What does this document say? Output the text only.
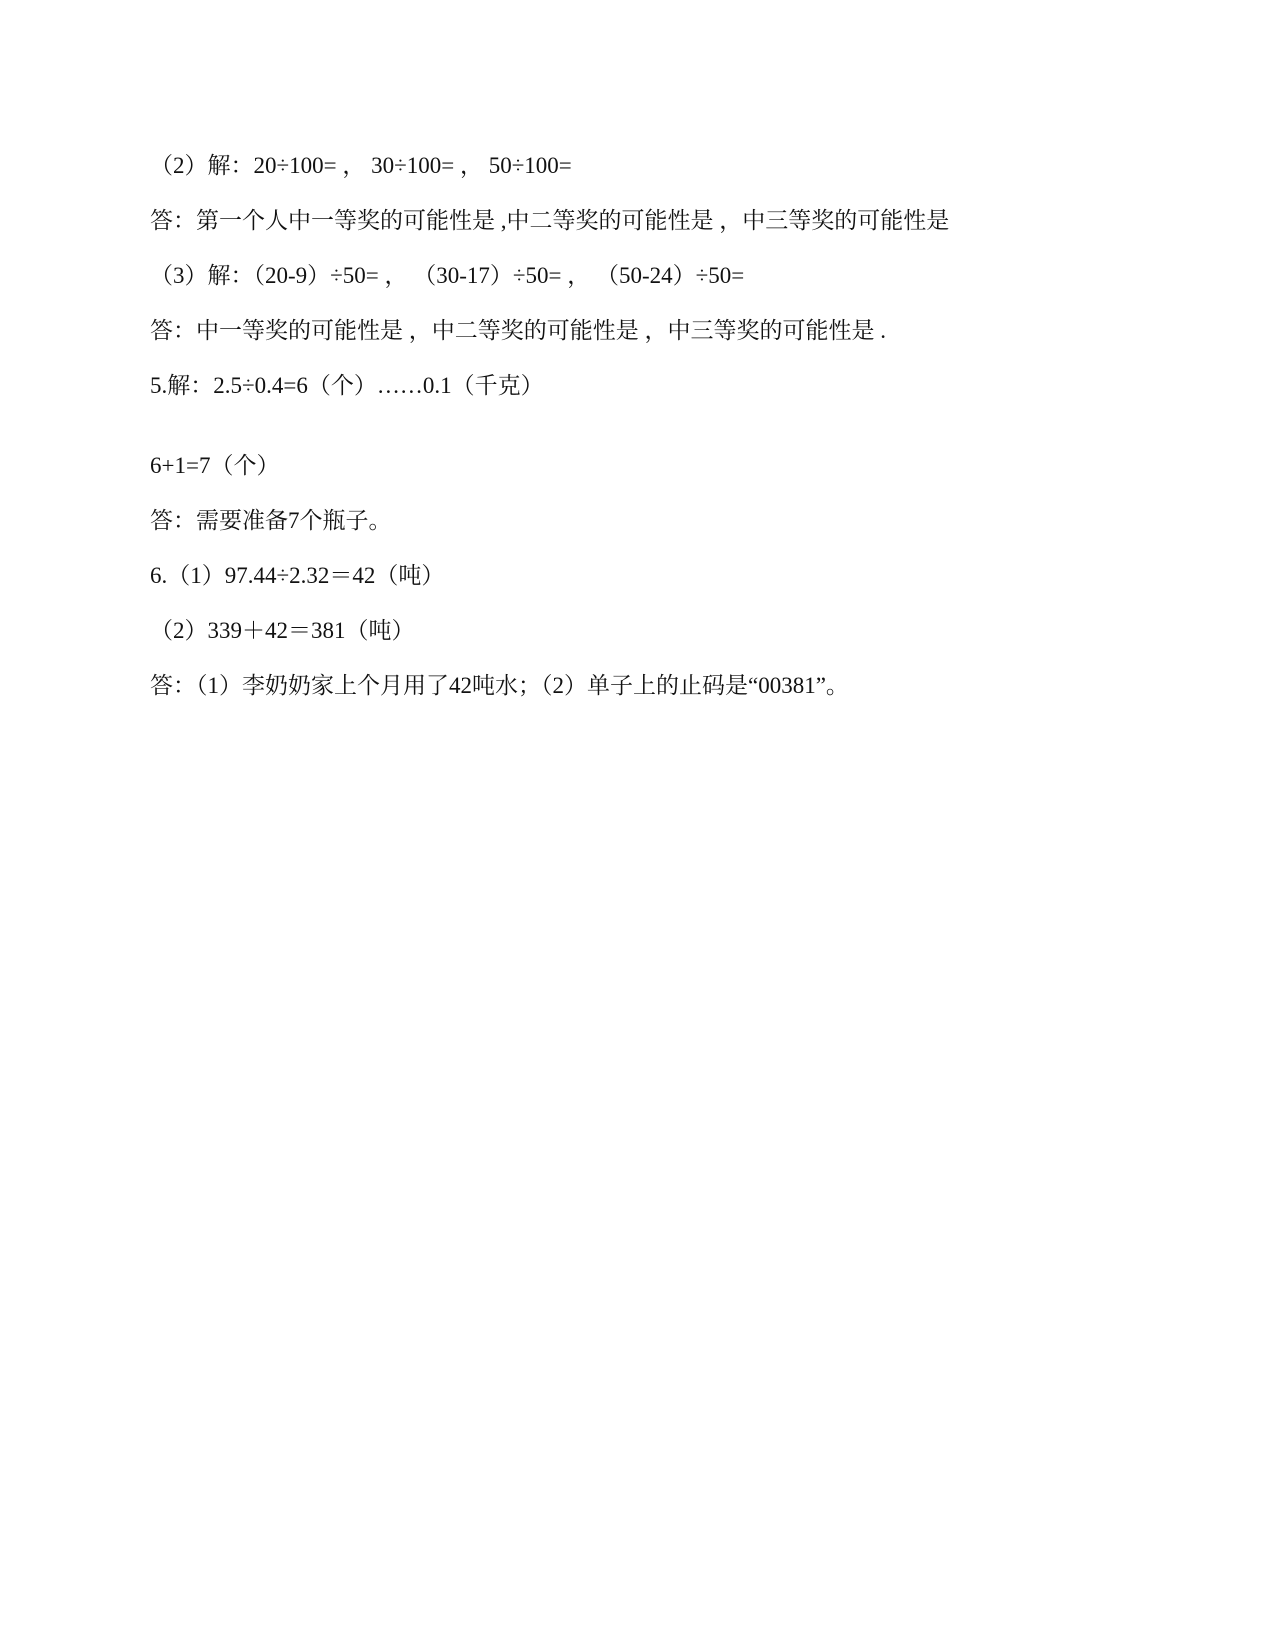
（2）解：20÷100= ， 30÷100= ， 50÷100=
答：第一个人中一等奖的可能性是 ,中二等奖的可能性是 ，中三等奖的可能性是
（3）解：（20-9）÷50= ， （30-17）÷50= ， （50-24）÷50=
答：中一等奖的可能性是 ，中二等奖的可能性是 ，中三等奖的可能性是 .
5.解：2.5÷0.4=6（个）……0.1（千克）
6+1=7（个）
答：需要准备7个瓶子。
6.（1）97.44÷2.32＝42（吨）
（2）339＋42＝381（吨）
答：（1）李奶奶家上个月用了42吨水；（2）单子上的止码是“00381”。
